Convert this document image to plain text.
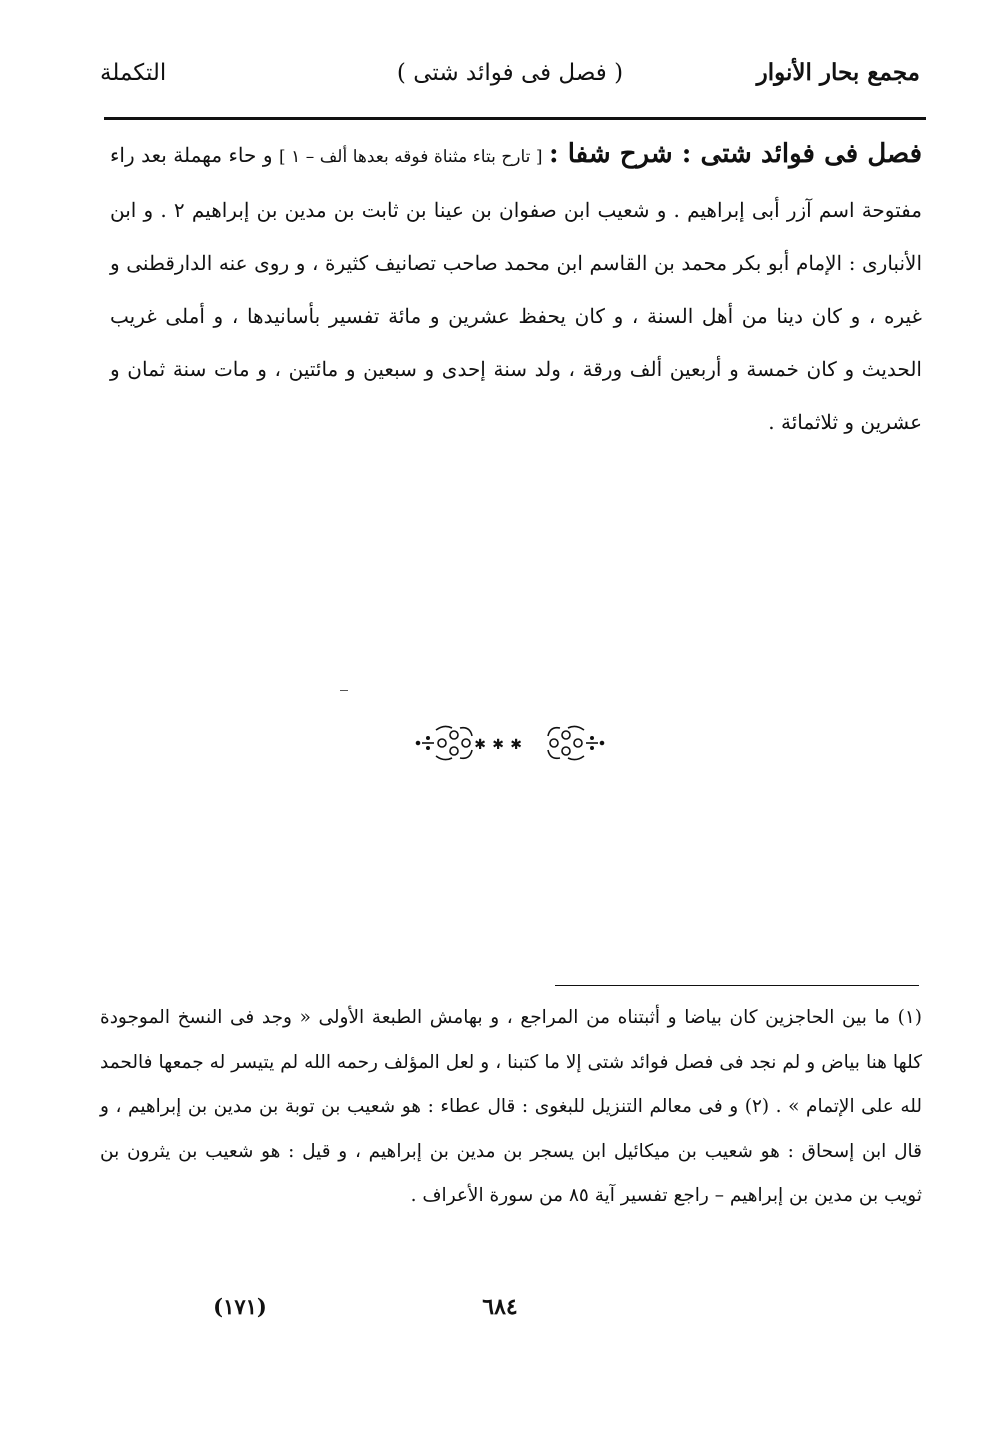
مجمع بحار الأنوار
( فصل فى فوائد شتى )
التكملة

فصل فى فوائد شتى : شرح شفا : [ تارح بتاء مثناة فوقه بعدها ألف – ١ ] و حاء مهملة بعد راء مفتوحة اسم آزر أبى إبراهيم . و شعيب ابن صفوان بن عينا بن ثابت بن مدين بن إبراهيم ٢ . و ابن الأنبارى : الإمام أبو بكر محمد بن القاسم ابن محمد صاحب تصانيف كثيرة ، و روى عنه الدارقطنى و غيره ، و كان دينا من أهل السنة ، و كان يحفظ عشرين و مائة تفسير بأسانيدها ، و أملى غريب الحديث و كان خمسة و أربعين ألف ورقة ، ولد سنة إحدى و سبعين و مائتين ، و مات سنة ثمان و عشرين و ثلاثمائة .

✱ ✱ ✱

(١) ما بين الحاجزين كان بياضا و أثبتناه من المراجع ، و بهامش الطبعة الأولى « وجد فى النسخ الموجودة كلها هنا بياض و لم نجد فى فصل فوائد شتى إلا ما كتبنا ، و لعل المؤلف رحمه الله لم يتيسر له جمعها فالحمد لله على الإتمام » . (٢) و فى معالم التنزيل للبغوى : قال عطاء : هو شعيب بن توبة بن مدين بن إبراهيم ، و قال ابن إسحاق : هو شعيب بن ميكائيل ابن يسجر بن مدين بن إبراهيم ، و قيل : هو شعيب بن يثرون بن ثويب بن مدين بن إبراهيم – راجع تفسير آية ٨٥ من سورة الأعراف .

٦٨٤
(١٧١)
